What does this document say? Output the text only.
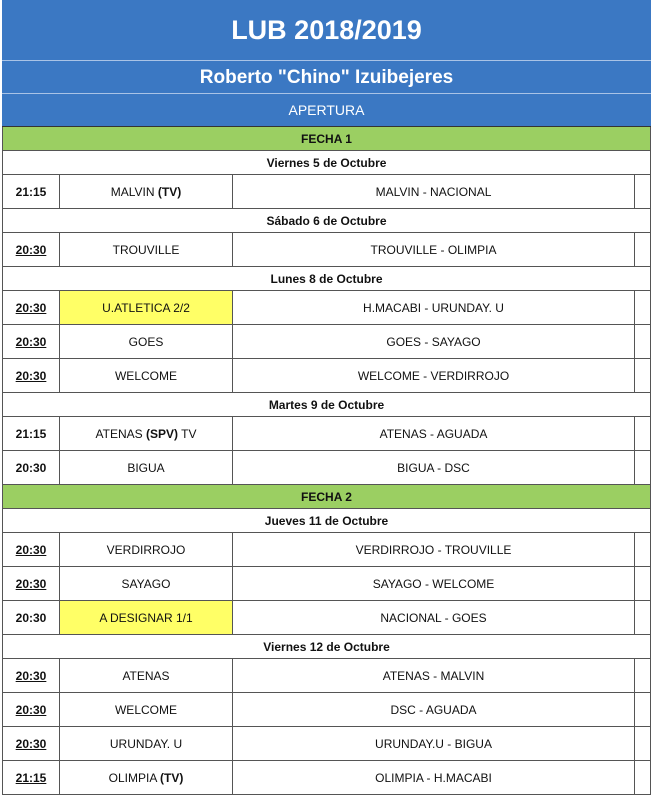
LUB 2018/2019
Roberto "Chino" Izuibejeres
APERTURA
FECHA 1
Viernes 5 de Octubre
21:15	MALVIN (TV)	MALVIN - NACIONAL
Sábado 6 de Octubre
20:30	TROUVILLE	TROUVILLE - OLIMPIA
Lunes 8 de Octubre
20:30	U.ATLETICA 2/2	H.MACABI - URUNDAY. U
20:30	GOES	GOES - SAYAGO
20:30	WELCOME	WELCOME - VERDIRROJO
Martes 9 de Octubre
21:15	ATENAS (SPV) TV	ATENAS - AGUADA
20:30	BIGUA	BIGUA - DSC
FECHA 2
Jueves 11 de Octubre
20:30	VERDIRROJO	VERDIRROJO - TROUVILLE
20:30	SAYAGO	SAYAGO - WELCOME
20:30	A DESIGNAR 1/1	NACIONAL - GOES
Viernes 12 de Octubre
20:30	ATENAS	ATENAS - MALVIN
20:30	WELCOME	DSC - AGUADA
20:30	URUNDAY. U	URUNDAY.U - BIGUA
21:15	OLIMPIA (TV)	OLIMPIA - H.MACABI
